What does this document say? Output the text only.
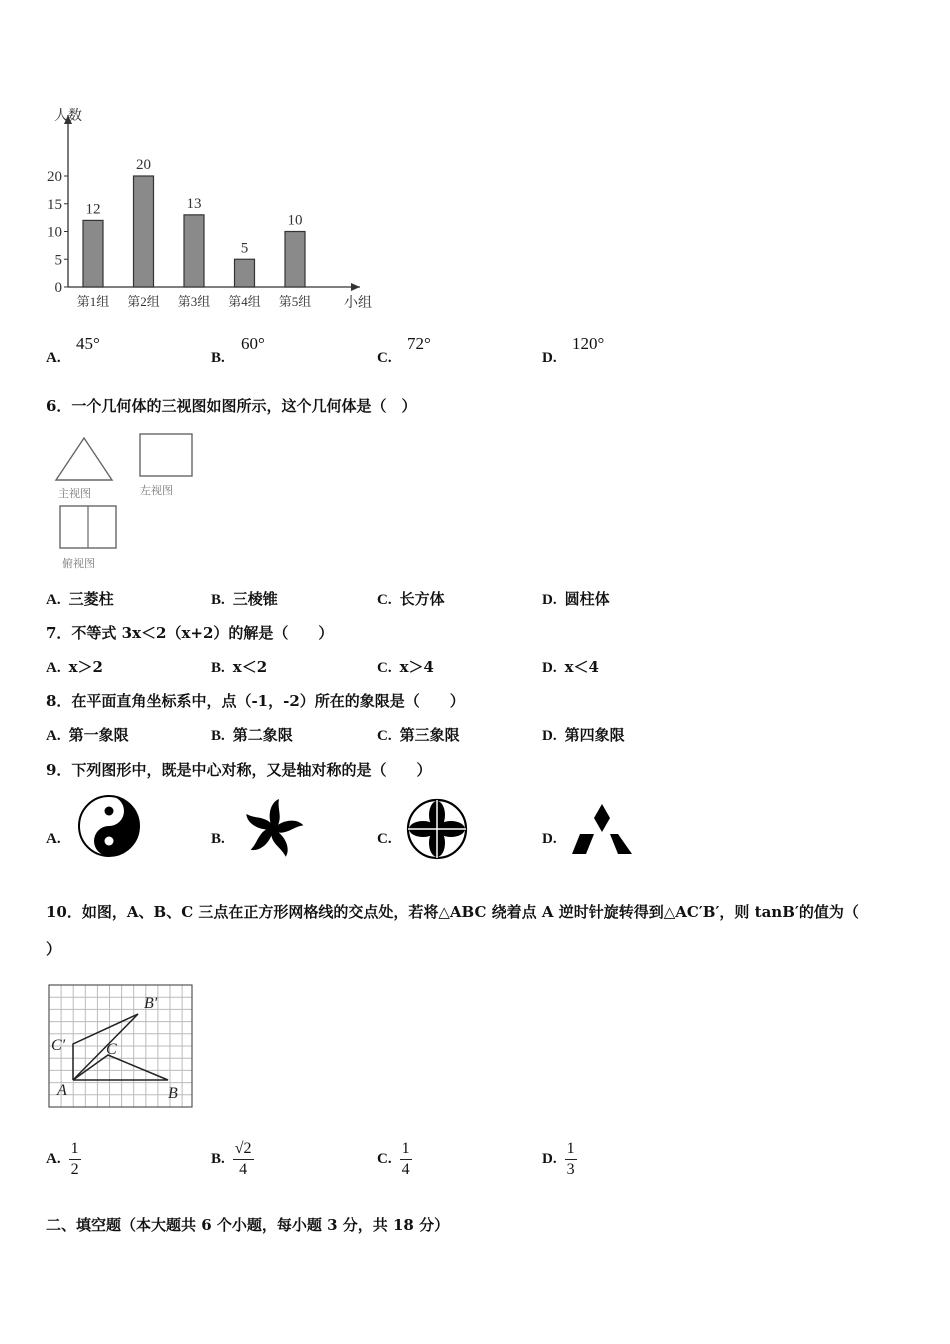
人数
小组
0
5
10
15
20
12
第1组
20
第2组
13
第3组
5
第4组
10
第5组
A.
45°
B.
60°
C.
72°
D.
120°
6．一个几何体的三视图如图所示，这个几何体是（　）
主视图	左视图
俯视图
A. 三菱柱	B. 三棱锥	C. 长方体	D. 圆柱体
7．不等式 3x＜2（x+2）的解是（　　）
A. x＞2	B. x＜2	C. x＞4	D. x＜4
8．在平面直角坐标系中，点（-1，-2）所在的象限是（　　）
A. 第一象限	B. 第二象限	C. 第三象限	D. 第四象限
9．下列图形中，既是中心对称，又是轴对称的是（　　）
A.	B.	C.	D.
10．如图，A、B、C 三点在正方形网格线的交点处，若将△ABC 绕着点 A 逆时针旋转得到△AC′B′，则 tanB′的值为（
）
A	B
C
C′
B′
A. $\frac{1}{2}$	B. $\frac{√2}{4}$	C. $\frac{1}{4}$	D. $\frac{1}{3}$
二、填空题（本大题共 6 个小题，每小题 3 分，共 18 分）
